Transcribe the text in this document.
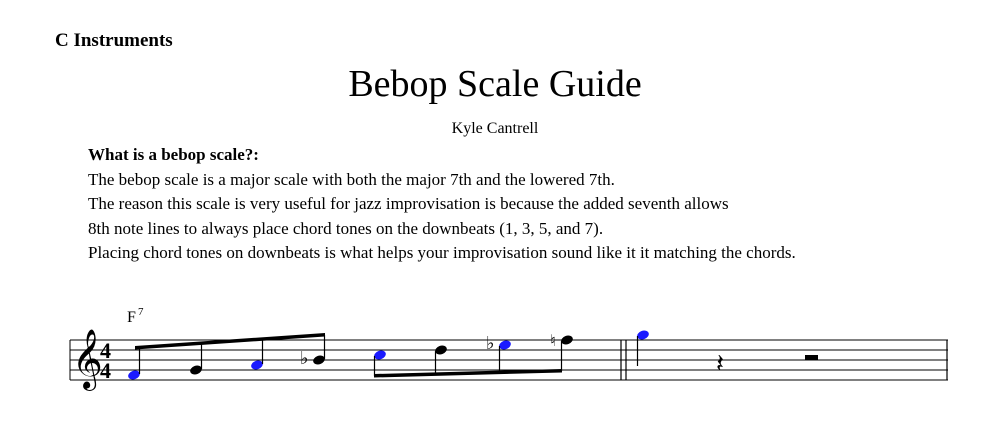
C Instruments
Bebop Scale Guide
Kyle Cantrell
What is a bebop scale?:
The bebop scale is a major scale with both the major 7th and the lowered 7th.
The reason this scale is very useful for jazz improvisation is because the added seventh allows
8th note lines to always place chord tones on the downbeats (1, 3, 5, and 7).
Placing chord tones on downbeats is what helps your improvisation sound like it it matching the chords.
F 7
𝄞
4
4	♭
♭	♮
𝄽
